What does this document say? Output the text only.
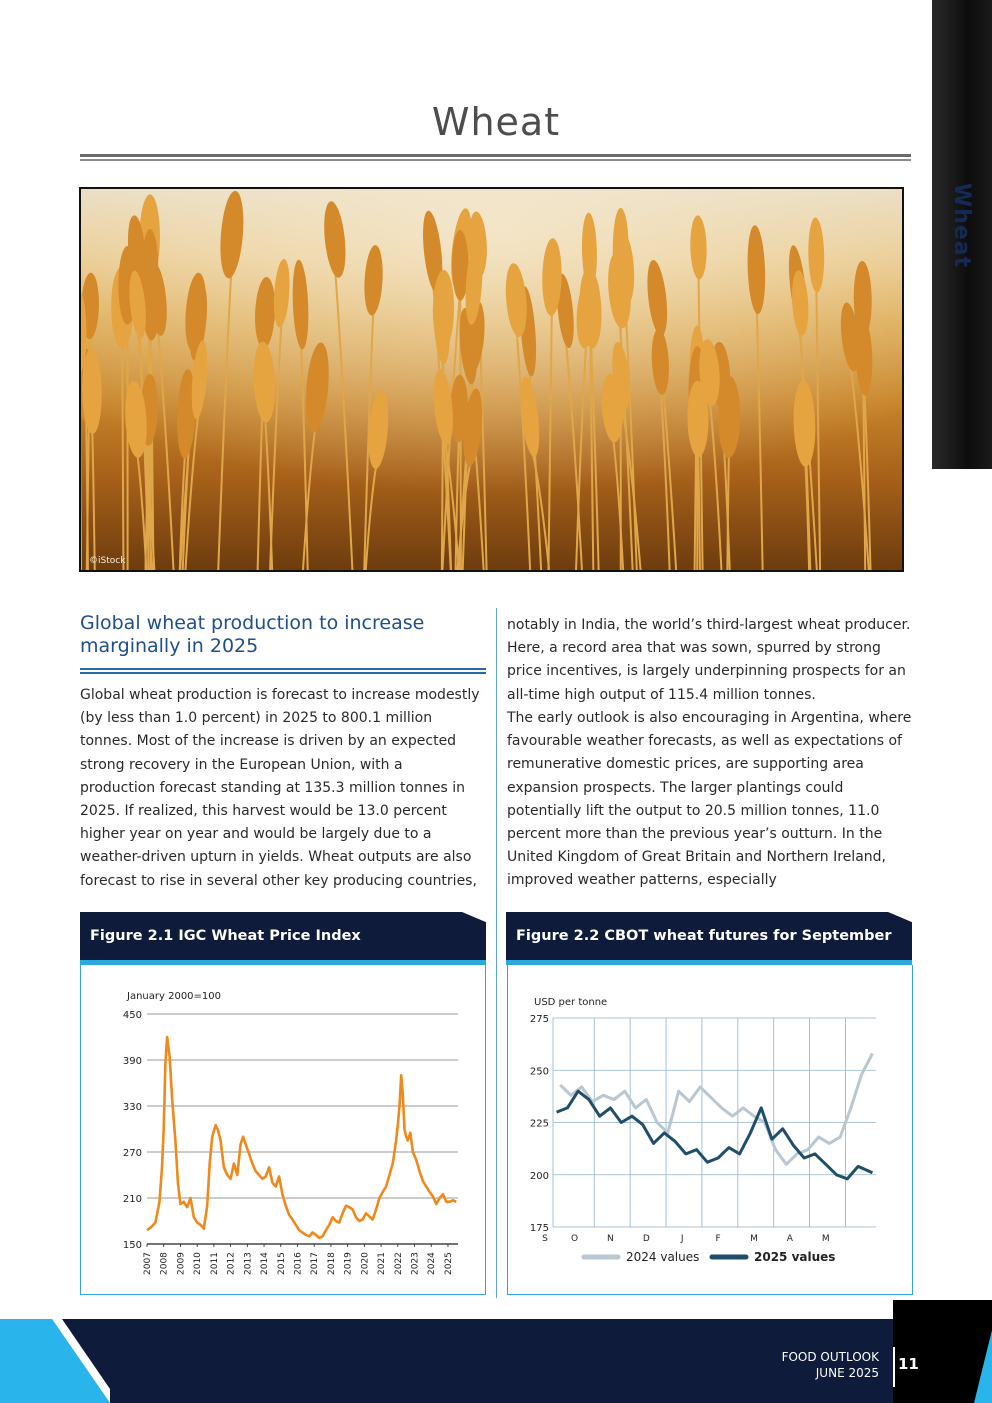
Wheat
Wheat
©iStock
Global wheat production to increase marginally in 2025
Global wheat production is forecast to increase modestly (by less than 1.0 percent) in 2025 to 800.1 million tonnes. Most of the increase is driven by an expected strong recovery in the European Union, with a production forecast standing at 135.3 million tonnes in 2025. If realized, this harvest would be 13.0 percent higher year on year and would be largely due to a weather-driven upturn in yields. Wheat outputs are also forecast to rise in several other key producing countries,
notably in India, the world’s third-largest wheat producer. Here, a record area that was sown, spurred by strong price incentives, is largely underpinning prospects for an all-time high output of 115.4 million tonnes.
The early outlook is also encouraging in Argentina, where favourable weather forecasts, as well as expectations of remunerative domestic prices, are supporting area expansion prospects. The larger plantings could potentially lift the output to 20.5 million tonnes, 11.0 percent more than the previous year’s outturn. In the United Kingdom of Great Britain and Northern Ireland, improved weather patterns, especially
Figure 2.1 IGC Wheat Price Index
January 2000=100
450
390
330
270
210
150
2007 2008 2009 2010 2011 2012 2013 2014 2015 2016 2017 2018 2019 2020 2021 2022 2023 2024 2025
Figure 2.2 CBOT wheat futures for September
USD per tonne
275
250
225
200
175
S	O	N	D	J	F	M	A	M
2024 values	2025 values
FOOD OUTLOOK
JUNE 2025 11
